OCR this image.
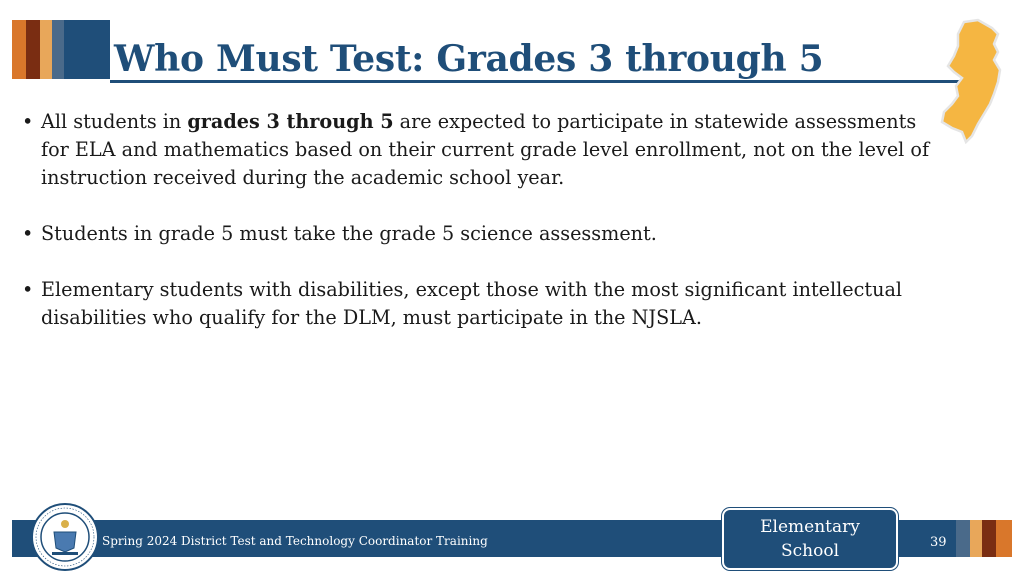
Who Must Test: Grades 3 through 5
• All students in grades 3 through 5 are expected to participate in statewide assessments for ELA and mathematics based on their current grade level enrollment, not on the level of instruction received during the academic school year.
• Students in grade 5 must take the grade 5 science assessment.
• Elementary students with disabilities, except those with the most significant intellectual disabilities who qualify for the DLM, must participate in the NJSLA.
Spring 2024 District Test and Technology Coordinator Training
Elementary
School	39
